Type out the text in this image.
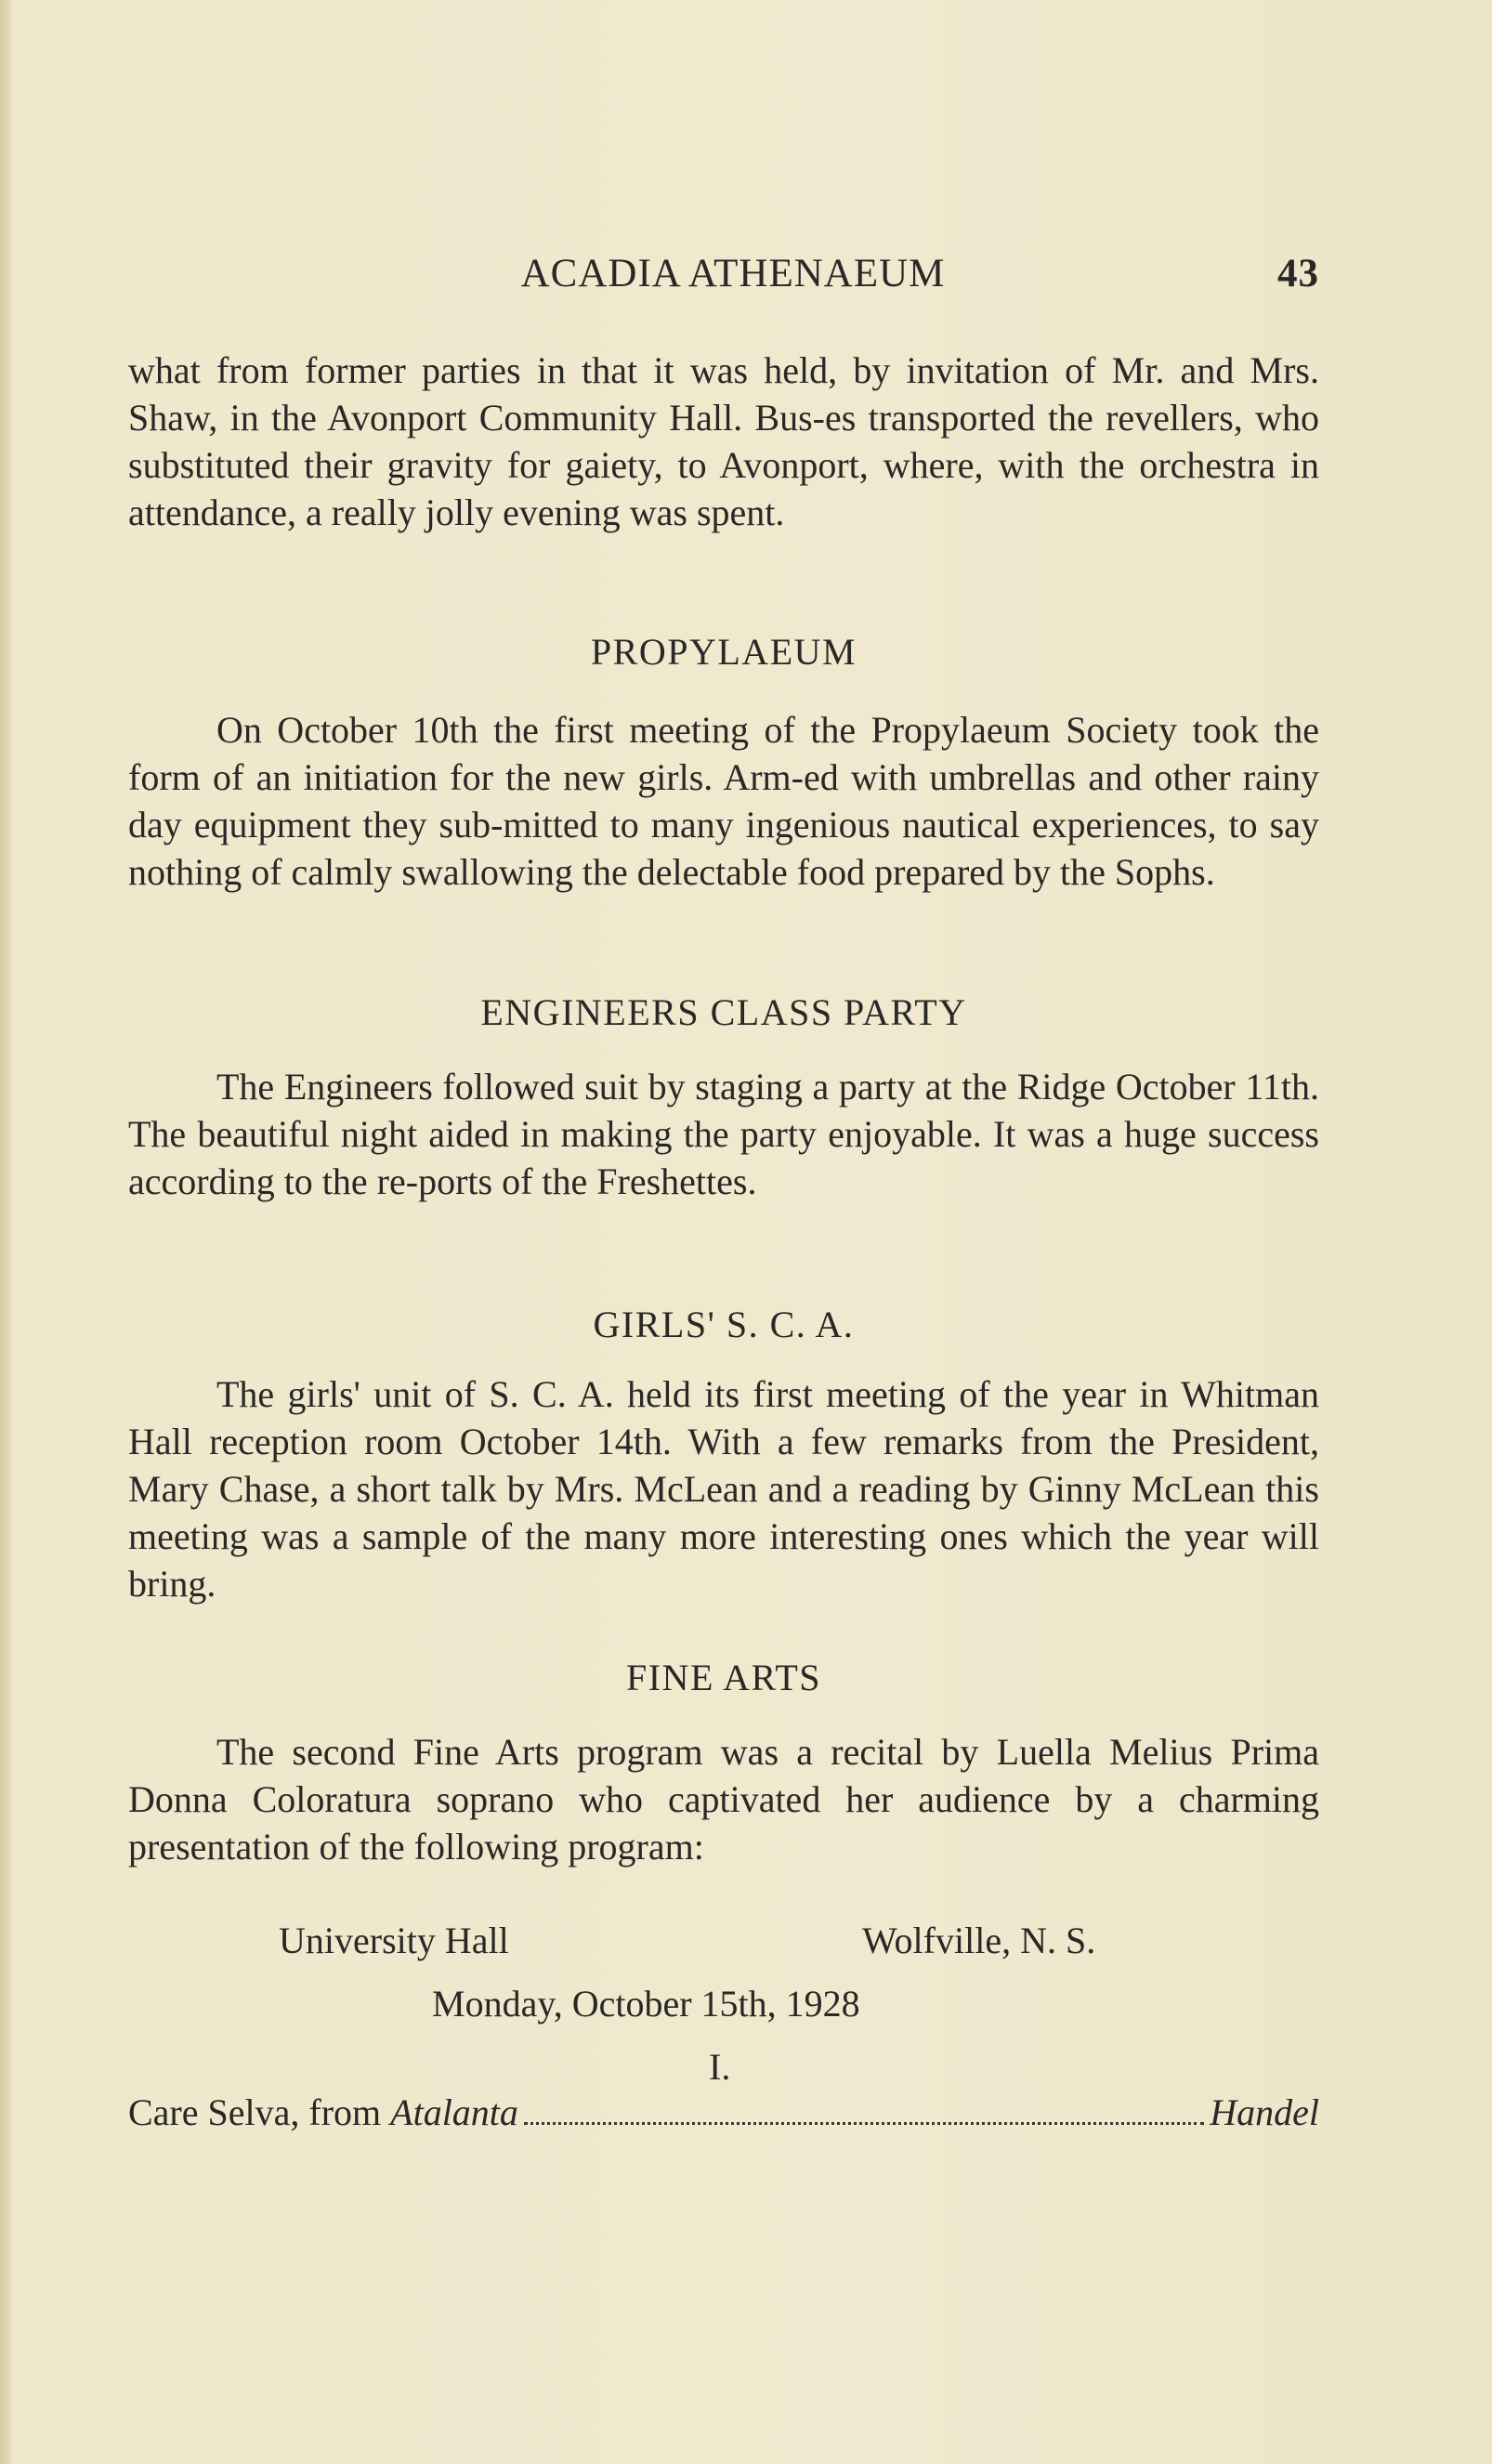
ACADIA ATHENAEUM	43

what from former parties in that it was held, by invitation of Mr. and Mrs. Shaw, in the Avonport Community Hall. Bus-es transported the revellers, who substituted their gravity for gaiety, to Avonport, where, with the orchestra in attendance, a really jolly evening was spent.

PROPYLAEUM

On October 10th the first meeting of the Propylaeum Society took the form of an initiation for the new girls. Arm-ed with umbrellas and other rainy day equipment they sub-mitted to many ingenious nautical experiences, to say nothing of calmly swallowing the delectable food prepared by the Sophs.

ENGINEERS CLASS PARTY

The Engineers followed suit by staging a party at the Ridge October 11th. The beautiful night aided in making the party enjoyable. It was a huge success according to the re-ports of the Freshettes.

GIRLS' S. C. A.

The girls' unit of S. C. A. held its first meeting of the year in Whitman Hall reception room October 14th. With a few remarks from the President, Mary Chase, a short talk by Mrs. McLean and a reading by Ginny McLean this meeting was a sample of the many more interesting ones which the year will bring.

FINE ARTS

The second Fine Arts program was a recital by Luella Melius Prima Donna Coloratura soprano who captivated her audience by a charming presentation of the following program:

University Hall	Wolfville, N. S.
Monday, October 15th, 1928
I.
Care Selva, from Atalanta	Handel
